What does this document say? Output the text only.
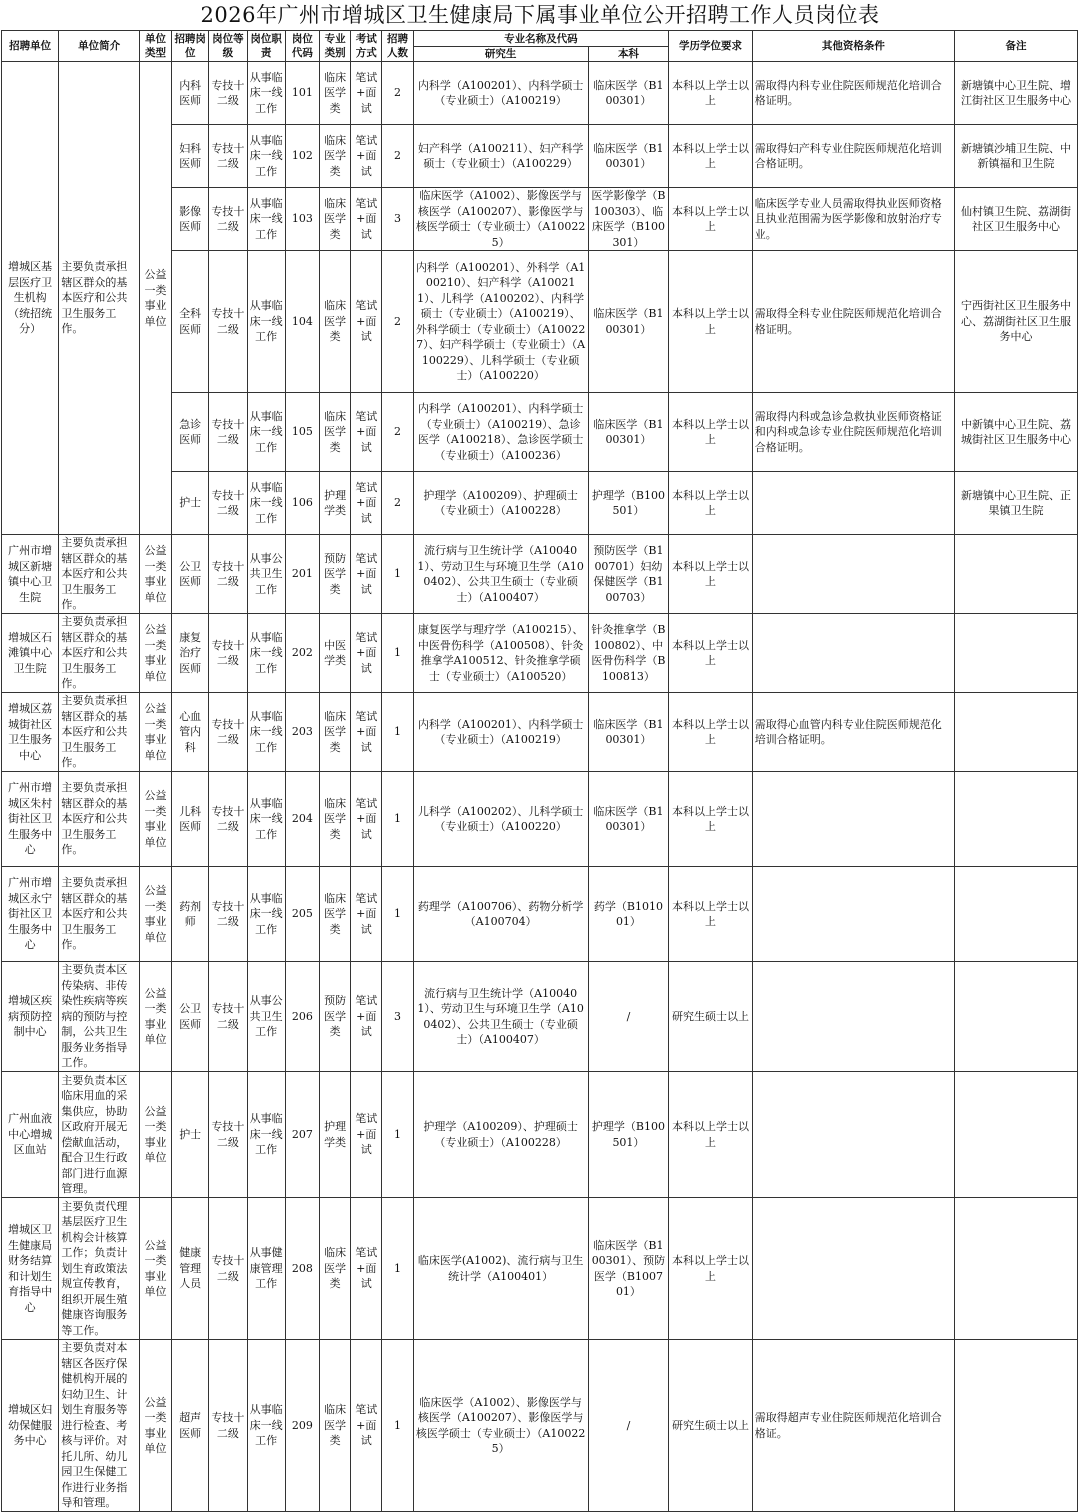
2026年广州市增城区卫生健康局下属事业单位公开招聘工作人员岗位表
招聘单位	单位简介	单位类型	招聘岗位	岗位等级	岗位职责	岗位代码	专业类别	考试方式	招聘人数	专业名称及代码		学历学位要求	其他资格条件	备注
										研究生	本科			
增城区基层医疗卫生机构（统招统分）	主要负责承担辖区群众的基本医疗和公共卫生服务工作。	公益一类事业单位	内科医师	专技十二级	从事临床一线工作	101	临床医学类	笔试+面试	2	内科学（A100201）、内科学硕士（专业硕士）（A100219）	临床医学（B100301）	本科以上学士以上	需取得内科专业住院医师规范化培训合格证明。	新塘镇中心卫生院、增江街社区卫生服务中心
			妇科医师	专技十二级	从事临床一线工作	102	临床医学类	笔试+面试	2	妇产科学（A100211）、妇产科学硕士（专业硕士）（A100229）	临床医学（B100301）	本科以上学士以上	需取得妇产科专业住院医师规范化培训合格证明。	新塘镇沙埔卫生院、中新镇福和卫生院
			影像医师	专技十二级	从事临床一线工作	103	临床医学类	笔试+面试	3	临床医学（A1002）、影像医学与核医学（A100207）、影像医学与核医学硕士（专业硕士）（A100225）	医学影像学（B100303）、临床医学（B100301）	本科以上学士以上	临床医学专业人员需取得执业医师资格且执业范围需为医学影像和放射治疗专业。	仙村镇卫生院、荔湖街社区卫生服务中心
			全科医师	专技十二级	从事临床一线工作	104	临床医学类	笔试+面试	2	内科学（A100201）、外科学（A100210）、妇产科学（A100211）、儿科学（A100202）、内科学硕士（专业硕士）（A100219）、外科学硕士（专业硕士）（A100227）、妇产科学硕士（专业硕士）（A100229）、儿科学硕士（专业硕士）（A100220）	临床医学（B100301）	本科以上学士以上	需取得全科专业住院医师规范化培训合格证明。	宁西街社区卫生服务中心、荔湖街社区卫生服务中心
			急诊医师	专技十二级	从事临床一线工作	105	临床医学类	笔试+面试	2	内科学（A100201）、内科学硕士（专业硕士）（A100219）、急诊医学（A100218）、急诊医学硕士（专业硕士）（A100236）	临床医学（B100301）	本科以上学士以上	需取得内科或急诊急救执业医师资格证和内科或急诊专业住院医师规范化培训合格证明。	中新镇中心卫生院、荔城街社区卫生服务中心
			护士	专技十二级	从事临床一线工作	106	护理学类	笔试+面试	2	护理学（A100209）、护理硕士（专业硕士）（A100228）	护理学（B100501）	本科以上学士以上		新塘镇中心卫生院、正果镇卫生院
广州市增城区新塘镇中心卫生院	主要负责承担辖区群众的基本医疗和公共卫生服务工作。	公益一类事业单位	公卫医师	专技十二级	从事公共卫生工作	201	预防医学类	笔试+面试	1	流行病与卫生统计学（A100401）、劳动卫生与环境卫生学（A100402）、公共卫生硕士（专业硕士）（A100407）	预防医学（B100701）妇幼保健医学（B100703）	本科以上学士以上		
增城区石滩镇中心卫生院	主要负责承担辖区群众的基本医疗和公共卫生服务工作。	公益一类事业单位	康复治疗医师	专技十二级	从事临床一线工作	202	中医学类	笔试+面试	1	康复医学与理疗学（A100215）、中医骨伤科学（A100508）、针灸推拿学A100512、针灸推拿学硕士（专业硕士）（A100520）	针灸推拿学（B100802）、中医骨伤科学（B100813）	本科以上学士以上		
增城区荔城街社区卫生服务中心	主要负责承担辖区群众的基本医疗和公共卫生服务工作。	公益一类事业单位	心血管内科	专技十二级	从事临床一线工作	203	临床医学类	笔试+面试	1	内科学（A100201）、内科学硕士（专业硕士）（A100219）	临床医学（B100301）	本科以上学士以上	需取得心血管内科专业住院医师规范化培训合格证明。	
广州市增城区朱村街社区卫生服务中心	主要负责承担辖区群众的基本医疗和公共卫生服务工作。	公益一类事业单位	儿科医师	专技十二级	从事临床一线工作	204	临床医学类	笔试+面试	1	儿科学（A100202）、儿科学硕士（专业硕士）（A100220）	临床医学（B100301）	本科以上学士以上		
广州市增城区永宁街社区卫生服务中心	主要负责承担辖区群众的基本医疗和公共卫生服务工作。	公益一类事业单位	药剂师	专技十二级	从事临床一线工作	205	临床医学类	笔试+面试	1	药理学（A100706）、药物分析学（A100704）	药学（B101001）	本科以上学士以上		
增城区疾病预防控制中心	主要负责本区传染病、非传染性疾病等疾病的预防与控制，公共卫生服务业务指导工作。	公益一类事业单位	公卫医师	专技十二级	从事公共卫生工作	206	预防医学类	笔试+面试	3	流行病与卫生统计学（A100401）、劳动卫生与环境卫生学（A100402）、公共卫生硕士（专业硕士）（A100407）	/	研究生硕士以上		
广州血液中心增城区血站	主要负责本区临床用血的采集供应，协助区政府开展无偿献血活动，配合卫生行政部门进行血源管理。	公益一类事业单位	护士	专技十二级	从事临床一线工作	207	护理学类	笔试+面试	1	护理学（A100209）、护理硕士（专业硕士）（A100228）	护理学（B100501）	本科以上学士以上		
增城区卫生健康局财务结算和计划生育指导中心	主要负责代理基层医疗卫生机构会计核算工作；负责计划生育政策法规宣传教育，组织开展生殖健康咨询服务等工作。	公益一类事业单位	健康管理人员	专技十二级	从事健康管理工作	208	临床医学类	笔试+面试	1	临床医学(A1002)、流行病与卫生统计学（A100401）	临床医学（B100301）、预防医学（B100701）	本科以上学士以上		
增城区妇幼保健服务中心	主要负责对本辖区各医疗保健机构开展的妇幼卫生、计划生育服务等进行检查、考核与评价。对托儿所、幼儿园卫生保健工作进行业务指导和管理。	公益一类事业单位	超声医师	专技十二级	从事临床一线工作	209	临床医学类	笔试+面试	1	临床医学（A1002）、影像医学与核医学（A100207）、影像医学与核医学硕士（专业硕士）（A100225）	/	研究生硕士以上	需取得超声专业住院医师规范化培训合格证。	
